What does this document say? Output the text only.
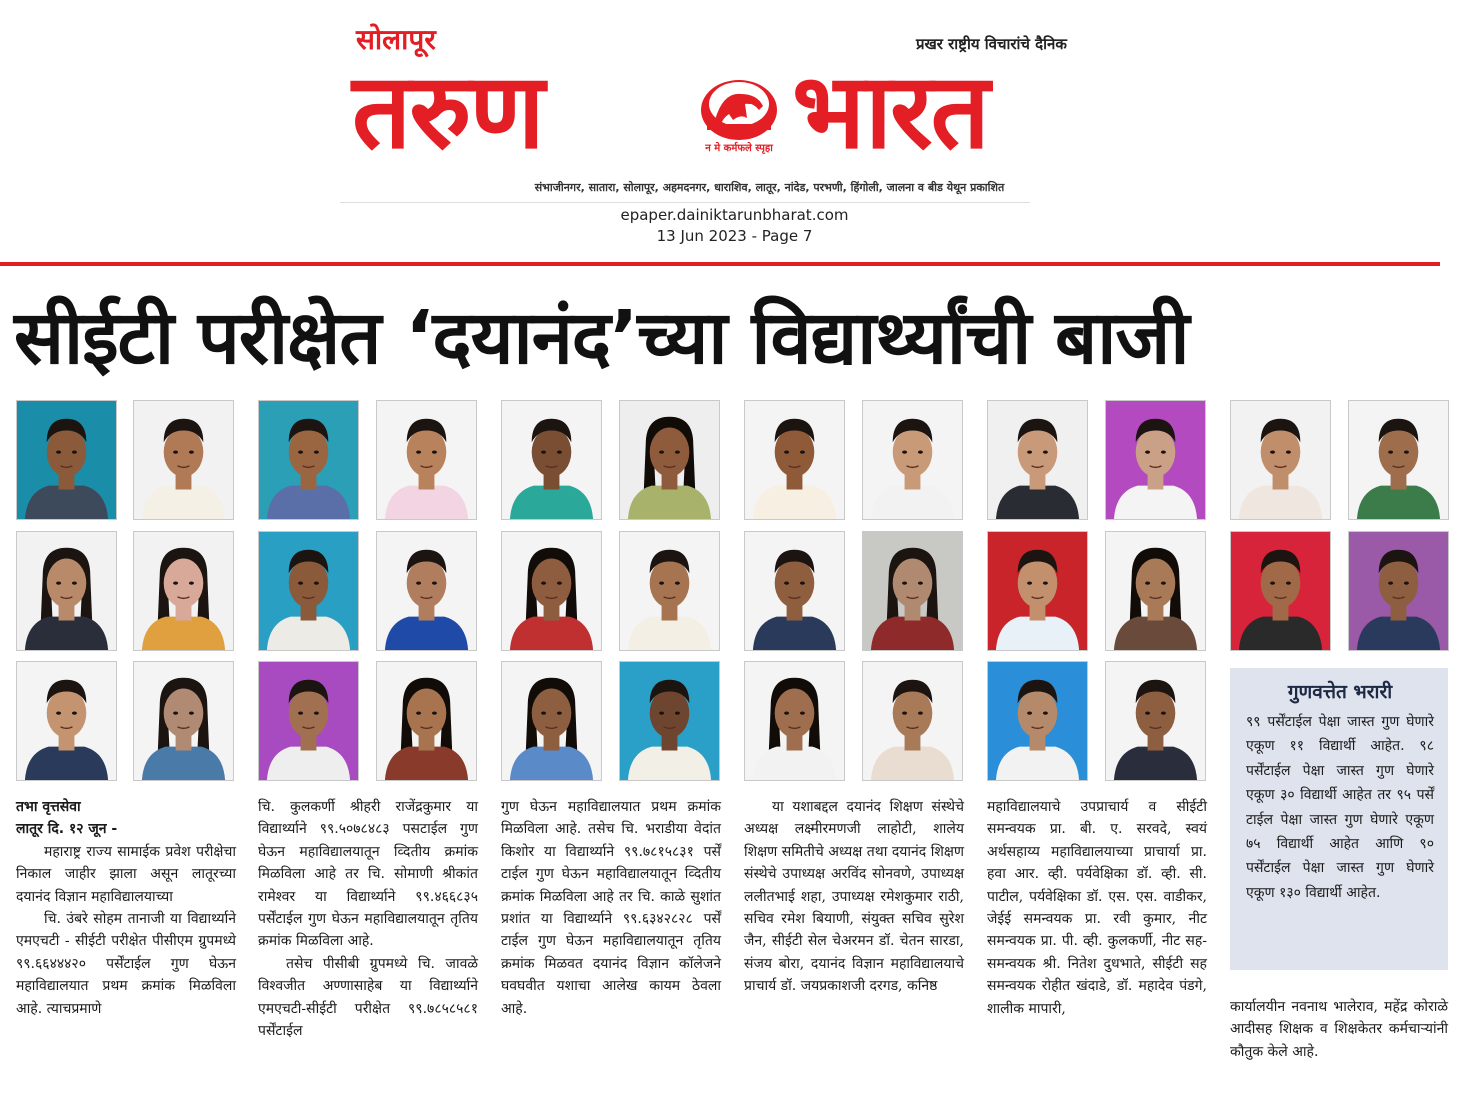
सोलापूर	प्रखर राष्ट्रीय विचारांचे दैनिक
तरुण	न मे कर्मफले स्पृहा भारत
संभाजीनगर, सातारा, सोलापूर, अहमदनगर, धाराशिव, लातूर, नांदेड, परभणी, हिंगोली, जालना व बीड येथून प्रकाशित
epaper.dainiktarunbharat.com
13 Jun 2023 - Page 7
सीईटी परीक्षेत ‘दयानंद’च्या विद्यार्थ्यांची बाजी

तभा वृत्तसेवा

लातूर दि. १२ जून -

महाराष्ट्र राज्य सामाईक प्रवेश परीक्षेचा निकाल जाहीर झाला असून लातूरच्या दयानंद विज्ञान महाविद्यालयाच्या

चि. उंबरे सोहम तानाजी या विद्यार्थ्याने एमएचटी - सीईटी परीक्षेत पीसीएम ग्रुपमध्ये ९९.६६४४४२० पर्सेंटाईल गुण घेऊन महाविद्यालयात प्रथम क्रमांक मिळविला आहे. त्याचप्रमाणे

चि. कुलकर्णी श्रीहरी राजेंद्रकुमार या विद्यार्थ्याने ९९.५०७८४८३ पसटाईल गुण घेऊन महाविद्यालयातून व्दितीय क्रमांक मिळविला आहे तर चि. सोमाणी श्रीकांत रामेश्वर या विद्यार्थ्याने ९९.४६६८३५ पर्सेंटाईल गुण घेऊन महाविद्यालयातून तृतिय क्रमांक मिळविला आहे.

तसेच पीसीबी ग्रुपमध्ये चि. जावळे विश्वजीत अण्णासाहेब या विद्यार्थ्याने एमएचटी-सीईटी परीक्षेत ९९.७८५८५८१ पर्सेंटाईल

गुण घेऊन महाविद्यालयात प्रथम क्रमांक मिळविला आहे. तसेच चि. भराडीया वेदांत किशोर या विद्यार्थ्याने ९९.७८१५८३१ पर्सें टाईल गुण घेऊन महाविद्यालयातून व्दितीय क्रमांक मिळविला आहे तर चि. काळे सुशांत प्रशांत या विद्यार्थ्याने ९९.६३४२८२८ पर्सें टाईल गुण घेऊन महाविद्यालयातून तृतिय क्रमांक मिळवत दयानंद विज्ञान कॉलेजने घवघवीत यशाचा आलेख कायम ठेवला आहे.

या यशाबद्दल दयानंद शिक्षण संस्थेचे अध्यक्ष लक्ष्मीरमणजी लाहोटी, शालेय शिक्षण समितीचे अध्यक्ष तथा दयानंद शिक्षण संस्थेचे उपाध्यक्ष अरविंद सोनवणे, उपाध्यक्ष ललीतभाई शहा, उपाध्यक्ष रमेशकुमार राठी, सचिव रमेश बियाणी, संयुक्त सचिव सुरेश जैन, सीईटी सेल चेअरमन डॉ. चेतन सारडा, संजय बोरा, दयानंद विज्ञान महाविद्यालयाचे प्राचार्य डॉ. जयप्रकाशजी दरगड, कनिष्ठ

महाविद्यालयाचे उपप्राचार्य व सीईटी समन्वयक प्रा. बी. ए. सरवदे, स्वयं अर्थसहाय्य महाविद्यालयाच्या प्राचार्या प्रा. हवा आर. व्ही. पर्यवेक्षिका डॉ. व्ही. सी. पाटील, पर्यवेक्षिका डॉ. एस. एस. वाडीकर, जेईई समन्वयक प्रा. रवी कुमार, नीट समन्वयक प्रा. पी. व्ही. कुलकर्णी, नीट सह-समन्वयक श्री. नितेश दुधभाते, सीईटी सह समन्वयक रोहीत खंदाडे, डॉ. महादेव पंडगे, शालीक मापारी,

गुणवत्तेत भरारी

९९ पर्सेंटाईल पेक्षा जास्त गुण घेणारे एकूण ११ विद्यार्थी आहेत. ९८ पर्सेंटाईल पेक्षा जास्त गुण घेणारे एकूण ३० विद्यार्थी आहेत तर ९५ पर्सें टाईल पेक्षा जास्त गुण घेणारे एकूण ७५ विद्यार्थी आहेत आणि ९० पर्सेंटाईल पेक्षा जास्त गुण घेणारे एकूण १३० विद्यार्थी आहेत.

कार्यालयीन नवनाथ भालेराव, महेंद्र कोराळे आदीसह शिक्षक व शिक्षकेतर कर्मचाऱ्यांनी कौतुक केले आहे.
